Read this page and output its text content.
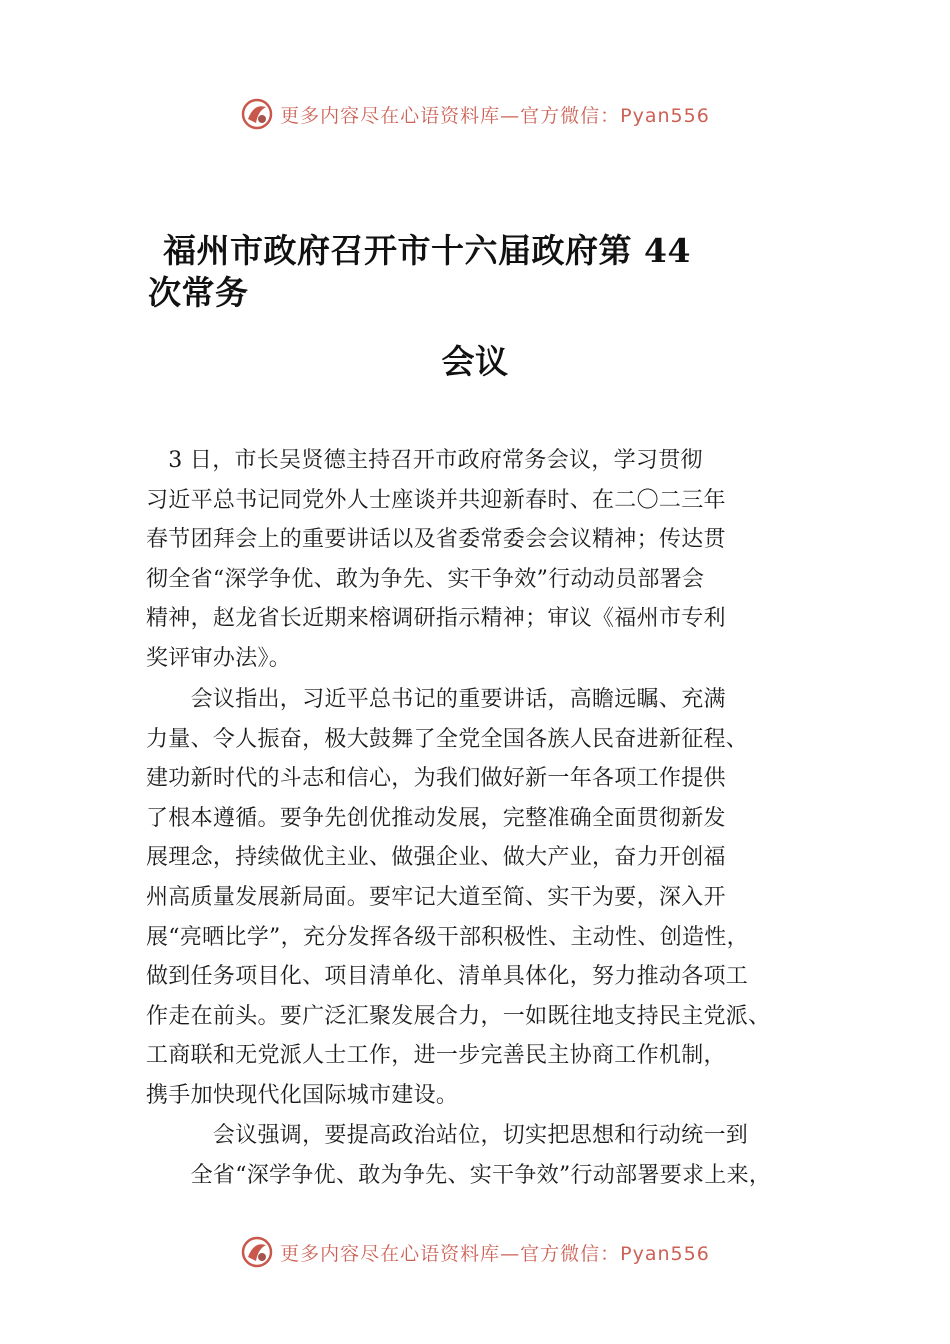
更多内容尽在心语资料库—官方微信：Pyan556
福州市政府召开市十六届政府第 44
次常务
会议
　3 日，市长吴贤德主持召开市政府常务会议，学习贯彻
习近平总书记同党外人士座谈并共迎新春时、在二〇二三年
春节团拜会上的重要讲话以及省委常委会会议精神；传达贯
彻全省“深学争优、敢为争先、实干争效”行动动员部署会
精神，赵龙省长近期来榕调研指示精神；审议《福州市专利
奖评审办法》。
　　会议指出，习近平总书记的重要讲话，高瞻远瞩、充满
力量、令人振奋，极大鼓舞了全党全国各族人民奋进新征程、
建功新时代的斗志和信心，为我们做好新一年各项工作提供
了根本遵循。要争先创优推动发展，完整准确全面贯彻新发
展理念，持续做优主业、做强企业、做大产业，奋力开创福
州高质量发展新局面。要牢记大道至简、实干为要，深入开
展“亮晒比学”，充分发挥各级干部积极性、主动性、创造性，
做到任务项目化、项目清单化、清单具体化，努力推动各项工
作走在前头。要广泛汇聚发展合力，一如既往地支持民主党派、
工商联和无党派人士工作，进一步完善民主协商工作机制，
携手加快现代化国际城市建设。
　　　会议强调，要提高政治站位，切实把思想和行动统一到
　　全省“深学争优、敢为争先、实干争效”行动部署要求上来，
更多内容尽在心语资料库—官方微信：Pyan556
